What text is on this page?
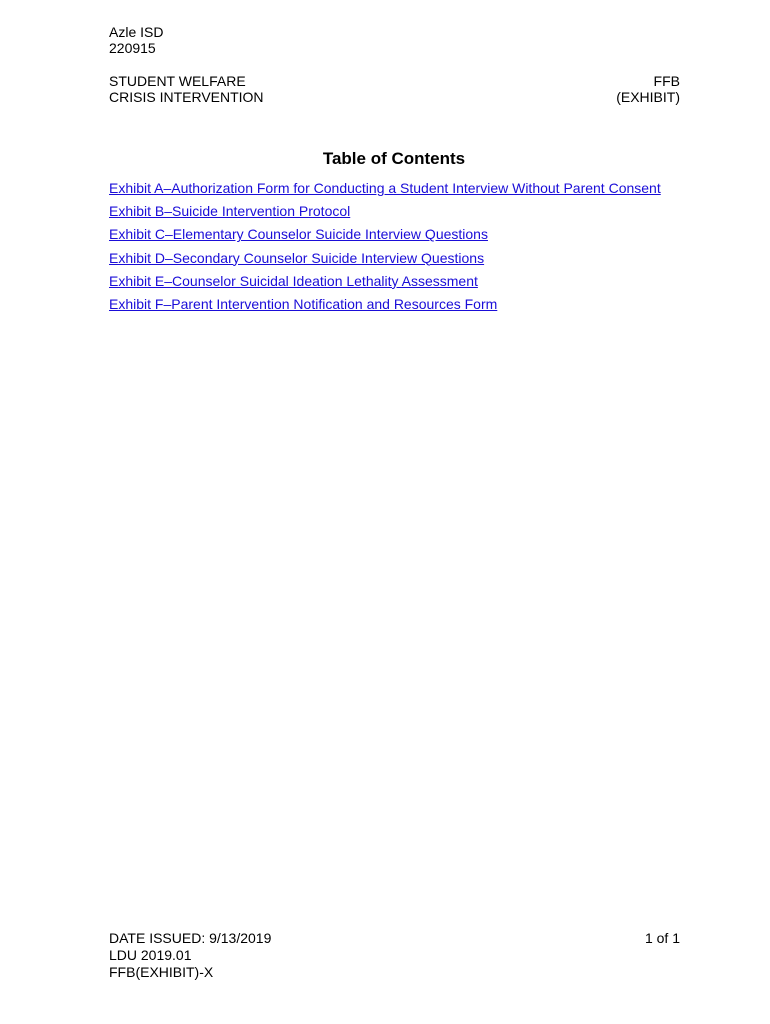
Azle ISD
220915
STUDENT WELFARE
CRISIS INTERVENTION
FFB
(EXHIBIT)
Table of Contents
Exhibit A–Authorization Form for Conducting a Student Interview Without Parent Consent
Exhibit B–Suicide Intervention Protocol
Exhibit C–Elementary Counselor Suicide Interview Questions
Exhibit D–Secondary Counselor Suicide Interview Questions
Exhibit E–Counselor Suicidal Ideation Lethality Assessment
Exhibit F–Parent Intervention Notification and Resources Form
DATE ISSUED: 9/13/2019
LDU 2019.01
FFB(EXHIBIT)-X
1 of 1
